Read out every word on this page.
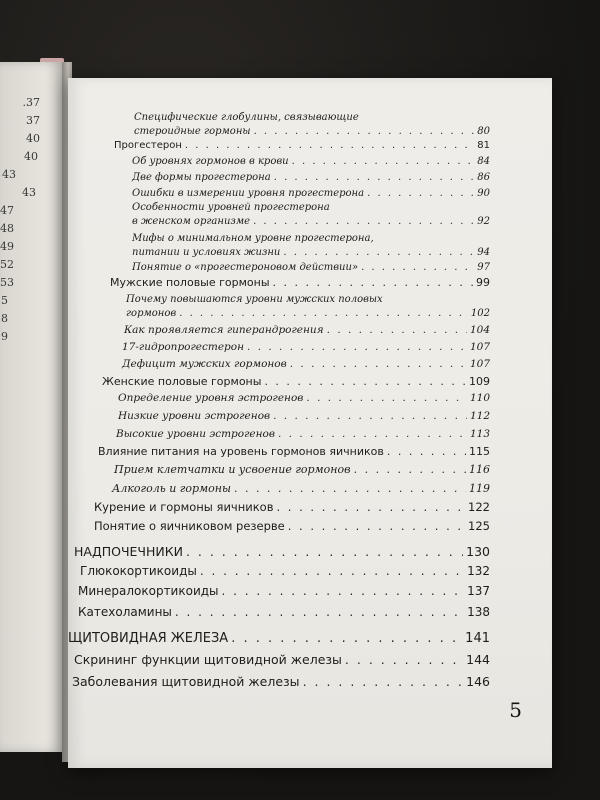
.37
37
40
40
43
43
47
48
49
52
53
5
8
9
Специфические глобулины, связывающие
стероидные гормоны . . .	80
Прогестерон . . .	81
Об уровнях гормонов в крови . . .	84
Две формы прогестерона . . .	86
Ошибки в измерении уровня прогестерона . . .	90
Особенности уровней прогестерона
в женском организме . . .	92
Мифы о минимальном уровне прогестерона,
питании и условиях жизни . . .	94
Понятие о «прогестероновом действии» . . .	97
Мужские половые гормоны . . .	99
Почему повышаются уровни мужских половых
гормонов . . .	102
Как проявляется гиперандрогения . . .	104
17-гидропрогестерон . . .	107
Дефицит мужских гормонов . . .	107
Женские половые гормоны . . .	109
Определение уровня эстрогенов . . .	110
Низкие уровни эстрогенов . . .	112
Высокие уровни эстрогенов . . .	113
Влияние питания на уровень гормонов яичников . . .	115
Прием клетчатки и усвоение гормонов . . .	116
Алкоголь и гормоны . . .	119
Курение и гормоны яичников . . .	122
Понятие о яичниковом резерве . . .	125
НАДПОЧЕЧНИКИ . . .	130
Глюкокортикоиды . . .	132
Минералокортикоиды . . .	137
Катехоламины . . .	138
ЩИТОВИДНАЯ ЖЕЛЕЗА . . .	141
Скрининг функции щитовидной железы . . .	144
Заболевания щитовидной железы . . .	146
5
